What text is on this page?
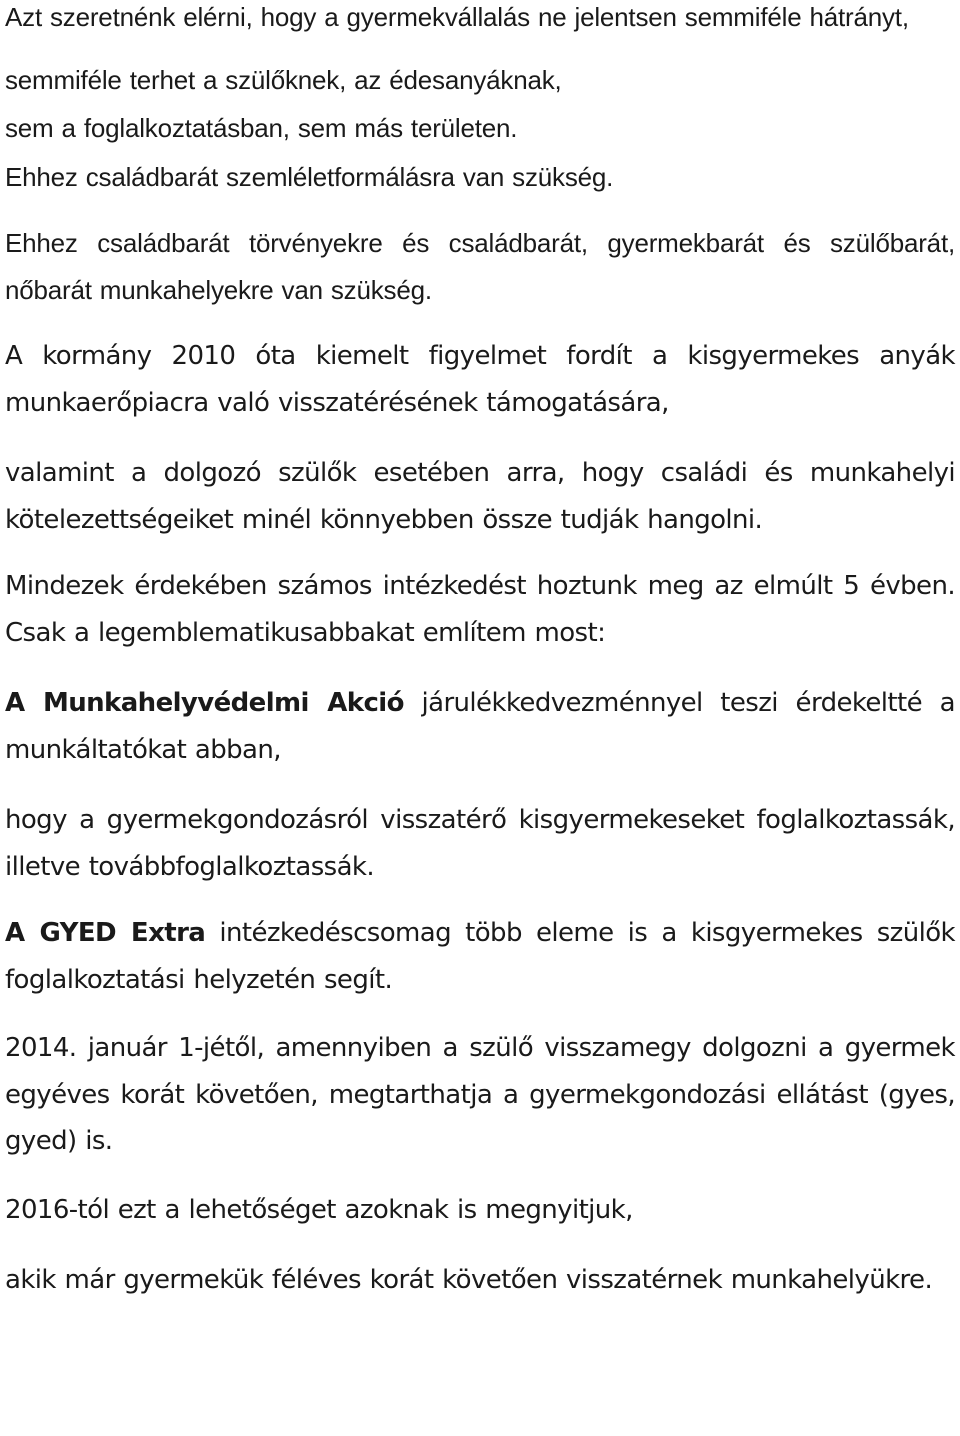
Azt szeretnénk elérni, hogy a gyermekvállalás ne jelentsen semmiféle hátrányt,

semmiféle terhet a szülőknek, az édesanyáknak,

sem a foglalkoztatásban, sem más területen.

Ehhez családbarát szemléletformálásra van szükség.

Ehhez családbarát törvényekre és családbarát, gyermekbarát és szülőbarát, nőbarát munkahelyekre van szükség.

A kormány 2010 óta kiemelt figyelmet fordít a kisgyermekes anyák munkaerőpiacra való visszatérésének támogatására,

valamint a dolgozó szülők esetében arra, hogy családi és munkahelyi kötelezettségeiket minél könnyebben össze tudják hangolni.

Mindezek érdekében számos intézkedést hoztunk meg az elmúlt 5 évben. Csak a legemblematikusabbakat említem most:

A Munkahelyvédelmi Akció járulékkedvezménnyel teszi érdekeltté a munkáltatókat abban,

hogy a gyermekgondozásról visszatérő kisgyermekeseket foglalkoztassák, illetve továbbfoglalkoztassák.

A GYED Extra intézkedéscsomag több eleme is a kisgyermekes szülők foglalkoztatási helyzetén segít.

2014. január 1-jétől, amennyiben a szülő visszamegy dolgozni a gyermek egyéves korát követően, megtarthatja a gyermekgondozási ellátást (gyes, gyed) is.

2016-tól ezt a lehetőséget azoknak is megnyitjuk,

akik már gyermekük féléves korát követően visszatérnek munkahelyükre.
